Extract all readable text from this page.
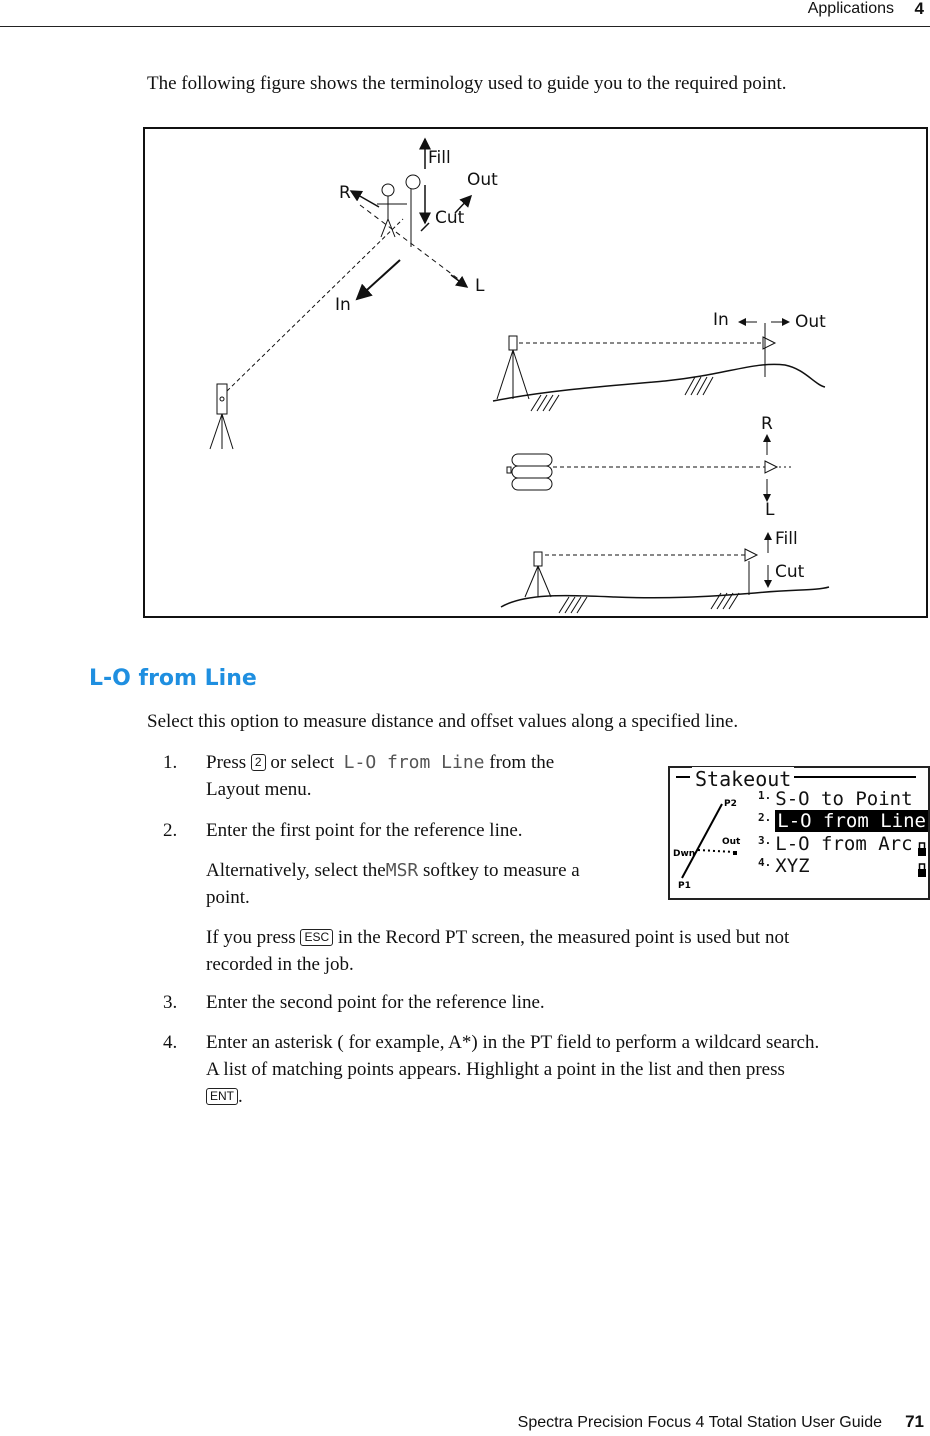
Applications 4
The following figure shows the terminology used to guide you to the required point.
Fill
Out
R
Cut
L
In
In	Out
R
L
Fill
Cut
L-O from Line
Select this option to measure distance and offset values along a specified line.
1. Press 2 or select L-O from Line from the
Layout menu.
2. Enter the first point for the reference line.
Alternatively, select theMSR softkey to measure a
point.
If you press ESC in the Record PT screen, the measured point is used but not
recorded in the job.
3. Enter the second point for the reference line.
4. Enter an asterisk ( for example, A*) in the PT field to perform a wildcard search.
A list of matching points appears. Highlight a point in the list and then press
ENT .
P2
Out
Dwn
P1
Stakeout
$^{1.}$ S-O to Point
$^{2.}$ L-O from Line
$^{3.}$ L-O from Arc
$^{4.}$ XYZ
Spectra Precision Focus 4 Total Station User Guide 71
